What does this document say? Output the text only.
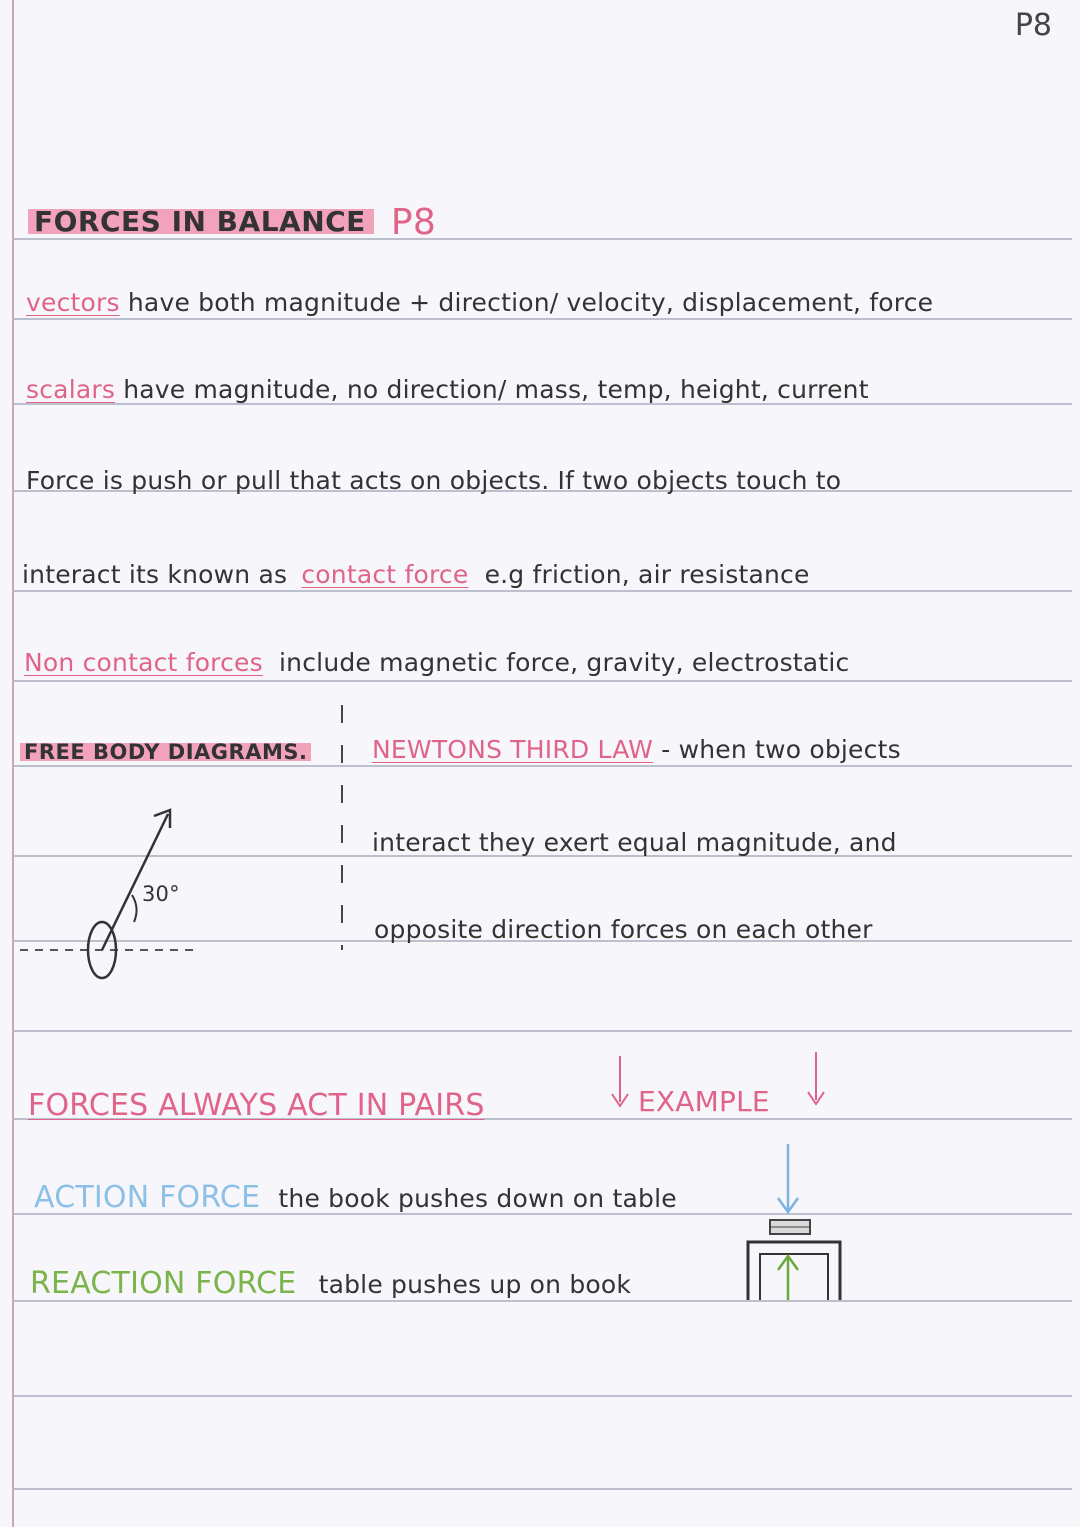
P8
FORCES IN BALANCE P8
vectors have both magnitude + direction/ velocity, displacement, force
scalars have magnitude, no direction/ mass, temp, height, current
Force is push or pull that acts on objects. If two objects touch to
interact its known as contact force e.g friction, air resistance
Non contact forces include magnetic force, gravity, electrostatic
FREE BODY DIAGRAMS.	NEWTONS THIRD LAW - when two objects
interact they exert equal magnitude, and
opposite direction forces on each other
30°
FORCES ALWAYS ACT IN PAIRS	EXAMPLE
ACTION FORCE the book pushes down on table
REACTION FORCE table pushes up on book
